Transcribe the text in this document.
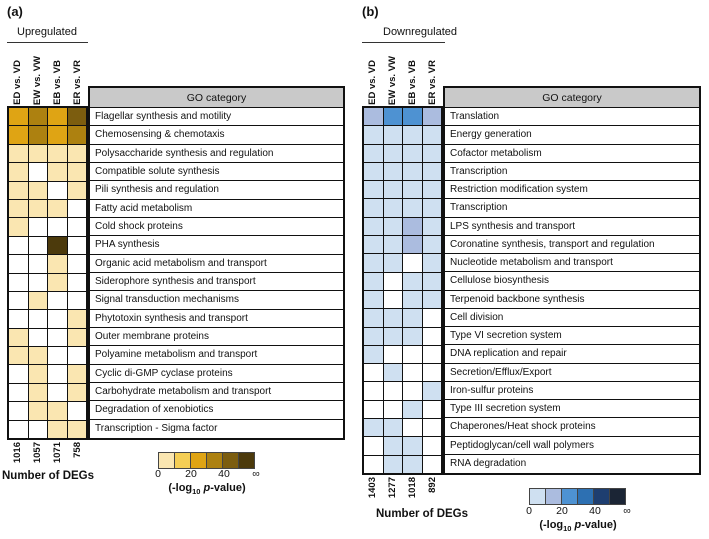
(a)
Upregulated
ED vs. VD EW vs. VW EB vs. VB ER vs. VR	GO category
Flagellar synthesis and motility
Chemosensing & chemotaxis
Polysaccharide synthesis and regulation
Compatible solute synthesis
Pili synthesis and regulation
Fatty acid metabolism
Cold shock proteins
PHA synthesis
Organic acid metabolism and transport
Siderophore synthesis and transport
Signal transduction mechanisms
Phytotoxin synthesis and transport
Outer membrane proteins
Polyamine metabolism and transport
Cyclic di-GMP cyclase proteins
Carbohydrate metabolism and transport
Degradation of xenobiotics
Transcription - Sigma factor
1016 1057 1071 758
Number of DEGs	0 20 40 ∞
($-\log_{10}$ p-value)
(b)
Downregulated
ED vs. VD EW vs. VW EB vs. VB ER vs. VR	GO category
Translation
Energy generation
Cofactor metabolism
Transcription
Restriction modification system
Transcription
LPS synthesis and transport
Coronatine synthesis, transport and regulation
Nucleotide metabolism and transport
Cellulose biosynthesis
Terpenoid backbone synthesis
Cell division
Type VI secretion system
DNA replication and repair
Secretion/Efflux/Export
Iron-sulfur proteins
Type III secretion system
Chaperones/Heat shock proteins
Peptidoglycan/cell wall polymers
RNA degradation
1403 1277 1018 892
Number of DEGs	0 20 40 ∞
($-\log_{10}$ p-value)
